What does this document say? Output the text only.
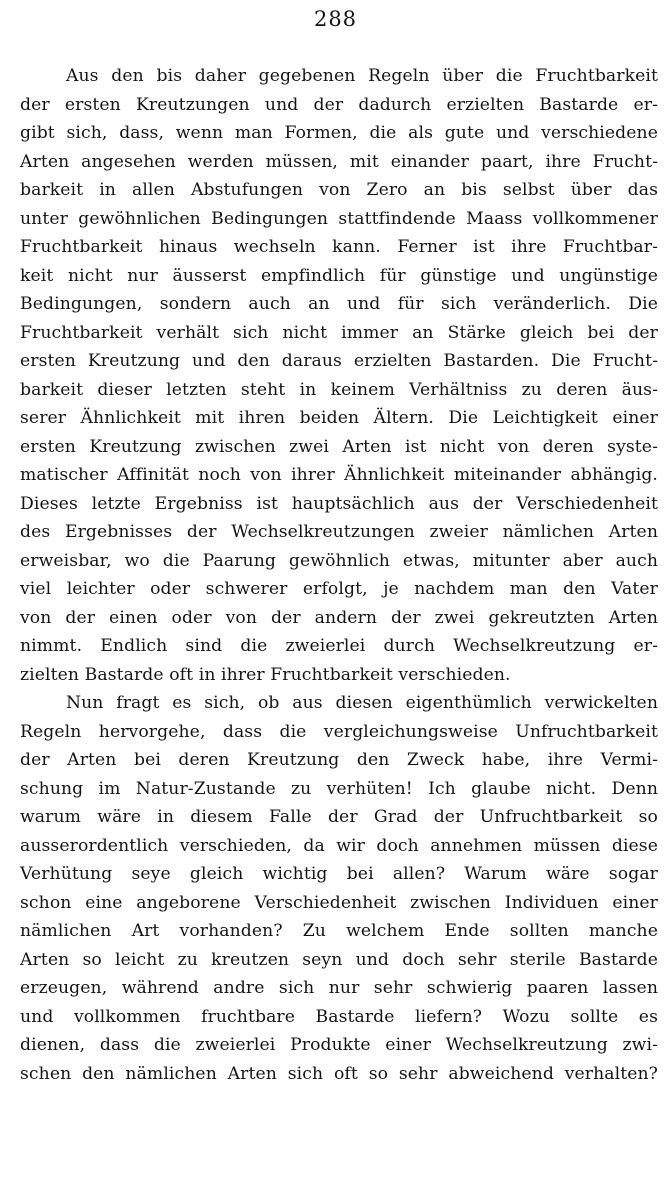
288
Aus den bis daher gegebenen Regeln über die Fruchtbarkeit
der ersten Kreutzungen und der dadurch erzielten Bastarde er-
gibt sich, dass, wenn man Formen, die als gute und verschiedene
Arten angesehen werden müssen, mit einander paart, ihre Frucht-
barkeit in allen Abstufungen von Zero an bis selbst über das
unter gewöhnlichen Bedingungen stattfindende Maass vollkommener
Fruchtbarkeit hinaus wechseln kann. Ferner ist ihre Fruchtbar-
keit nicht nur äusserst empfindlich für günstige und ungünstige
Bedingungen, sondern auch an und für sich veränderlich. Die
Fruchtbarkeit verhält sich nicht immer an Stärke gleich bei der
ersten Kreutzung und den daraus erzielten Bastarden. Die Frucht-
barkeit dieser letzten steht in keinem Verhältniss zu deren äus-
serer Ähnlichkeit mit ihren beiden Ältern. Die Leichtigkeit einer
ersten Kreutzung zwischen zwei Arten ist nicht von deren syste-
matischer Affinität noch von ihrer Ähnlichkeit miteinander abhängig.
Dieses letzte Ergebniss ist hauptsächlich aus der Verschiedenheit
des Ergebnisses der Wechselkreutzungen zweier nämlichen Arten
erweisbar, wo die Paarung gewöhnlich etwas, mitunter aber auch
viel leichter oder schwerer erfolgt, je nachdem man den Vater
von der einen oder von der andern der zwei gekreutzten Arten
nimmt. Endlich sind die zweierlei durch Wechselkreutzung er-
zielten Bastarde oft in ihrer Fruchtbarkeit verschieden.
Nun fragt es sich, ob aus diesen eigenthümlich verwickelten
Regeln hervorgehe, dass die vergleichungsweise Unfruchtbarkeit
der Arten bei deren Kreutzung den Zweck habe, ihre Vermi-
schung im Natur-Zustande zu verhüten! Ich glaube nicht. Denn
warum wäre in diesem Falle der Grad der Unfruchtbarkeit so
ausserordentlich verschieden, da wir doch annehmen müssen diese
Verhütung seye gleich wichtig bei allen? Warum wäre sogar
schon eine angeborene Verschiedenheit zwischen Individuen einer
nämlichen Art vorhanden? Zu welchem Ende sollten manche
Arten so leicht zu kreutzen seyn und doch sehr sterile Bastarde
erzeugen, während andre sich nur sehr schwierig paaren lassen
und vollkommen fruchtbare Bastarde liefern? Wozu sollte es
dienen, dass die zweierlei Produkte einer Wechselkreutzung zwi-
schen den nämlichen Arten sich oft so sehr abweichend verhalten?
